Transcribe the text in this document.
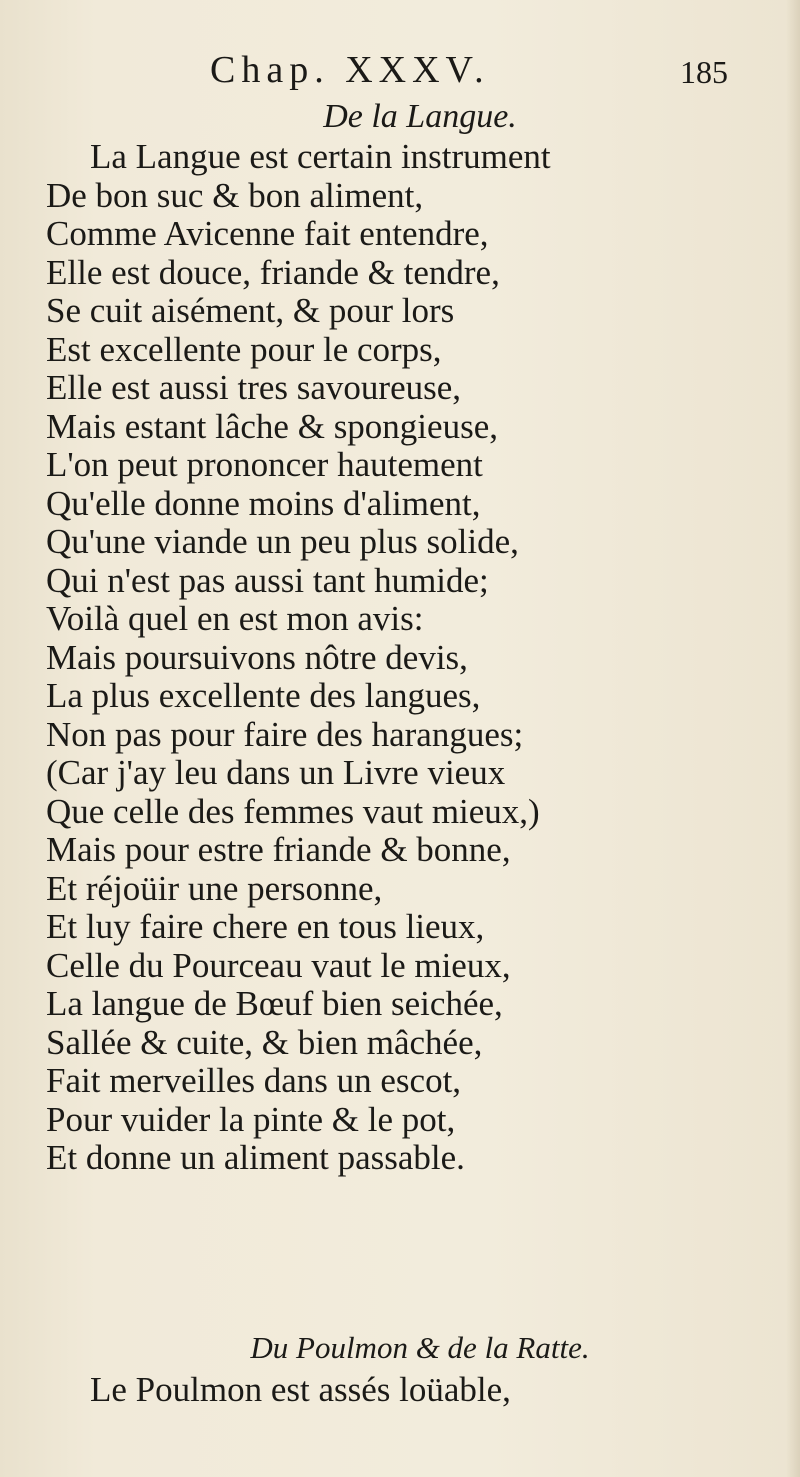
Chap. XXXV.	185
De la Langue.
La Langue est certain instrument
De bon suc & bon aliment,
Comme Avicenne fait entendre,
Elle est douce, friande & tendre,
Se cuit aisément, & pour lors
Est excellente pour le corps,
Elle est aussi tres savoureuse,
Mais estant lâche & spongieuse,
L'on peut prononcer hautement
Qu'elle donne moins d'aliment,
Qu'une viande un peu plus solide,
Qui n'est pas aussi tant humide;
Voilà quel en est mon avis:
Mais poursuivons nôtre devis,
La plus excellente des langues,
Non pas pour faire des harangues;
(Car j'ay leu dans un Livre vieux
Que celle des femmes vaut mieux,)
Mais pour estre friande & bonne,
Et réjoüir une personne,
Et luy faire chere en tous lieux,
Celle du Pourceau vaut le mieux,
La langue de Bœuf bien seichée,
Sallée & cuite, & bien mâchée,
Fait merveilles dans un escot,
Pour vuider la pinte & le pot,
Et donne un aliment passable.
Du Poulmon & de la Ratte.
Le Poulmon est assés loüable,
